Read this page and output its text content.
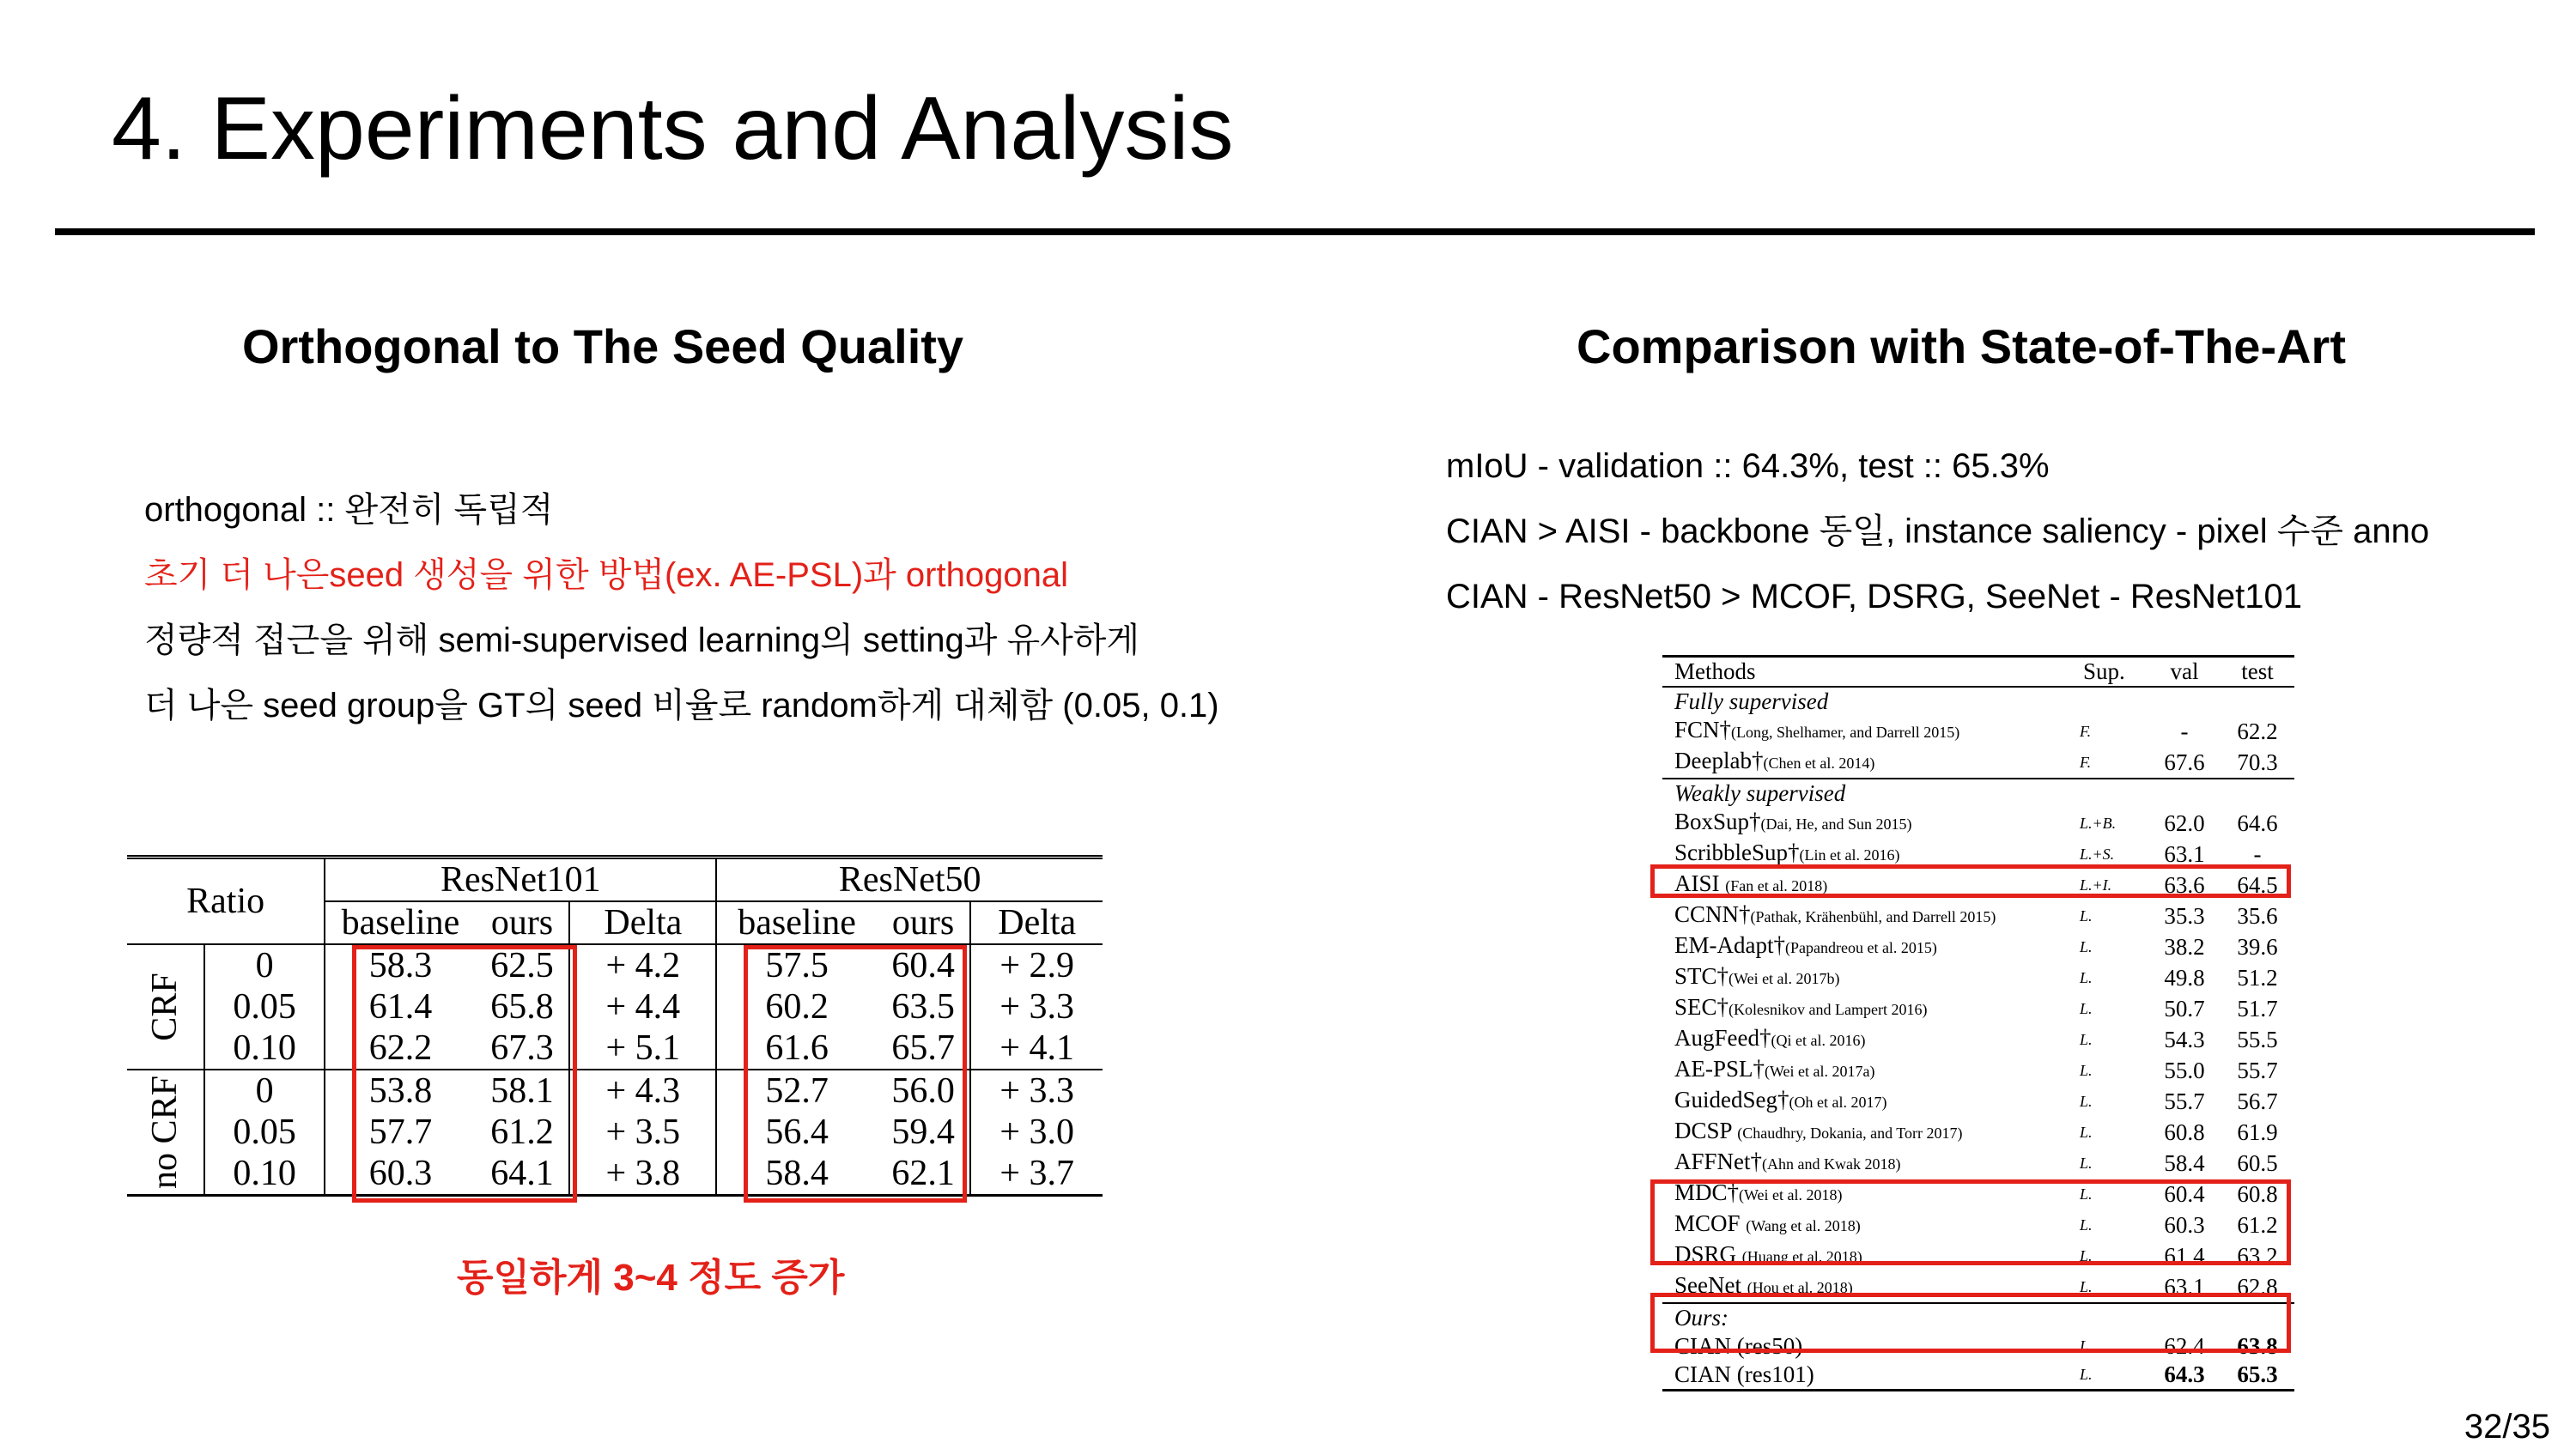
4. Experiments and Analysis
Orthogonal to The Seed Quality	Comparison with State-of-The-Art
orthogonal :: 완전히 독립적
초기 더 나은seed 생성을 위한 방법(ex. AE-PSL)과 orthogonal
정량적 접근을 위해 semi-supervised learning의 setting과 유사하게
더 나은 seed group을 GT의 seed 비율로 random하게 대체함 (0.05, 0.1)
mIoU - validation :: 64.3%, test :: 65.3%
CIAN > AISI - backbone 동일, instance saliency - pixel 수준 anno
CIAN - ResNet50 > MCOF, DSRG, SeeNet - ResNet101
Ratio		ResNet101			ResNet50		
		baseline	ours	Delta	baseline	ours	Delta

CRF	0	58.3	62.5	+ 4.2	57.5	60.4	+ 2.9
	0.05	61.4	65.8	+ 4.4	60.2	63.5	+ 3.3
	0.10	62.2	67.3	+ 5.1	61.6	65.7	+ 4.1

no CRF	0	53.8	58.1	+ 4.3	52.7	56.0	+ 3.3
	0.05	57.7	61.2	+ 3.5	56.4	59.4	+ 3.0
	0.10	60.3	64.1	+ 3.8	58.4	62.1	+ 3.7
동일하게 3~4 정도 증가
Methods	Sup.	val	test
Fully supervised			
FCN†(Long, Shelhamer, and Darrell 2015)	F.	-	62.2
Deeplab†(Chen et al. 2014)	F.	67.6	70.3
Weakly supervised			
BoxSup†(Dai, He, and Sun 2015)	L.+B.	62.0	64.6
ScribbleSup†(Lin et al. 2016)	L.+S.	63.1	-
AISI (Fan et al. 2018)	L.+I.	63.6	64.5
CCNN†(Pathak, Krähenbühl, and Darrell 2015)	L.	35.3	35.6
EM-Adapt†(Papandreou et al. 2015)	L.	38.2	39.6
STC†(Wei et al. 2017b)	L.	49.8	51.2
SEC†(Kolesnikov and Lampert 2016)	L.	50.7	51.7
AugFeed†(Qi et al. 2016)	L.	54.3	55.5
AE-PSL†(Wei et al. 2017a)	L.	55.0	55.7
GuidedSeg†(Oh et al. 2017)	L.	55.7	56.7
DCSP (Chaudhry, Dokania, and Torr 2017)	L.	60.8	61.9
AFFNet†(Ahn and Kwak 2018)	L.	58.4	60.5
MDC†(Wei et al. 2018)	L.	60.4	60.8
MCOF (Wang et al. 2018)	L.	60.3	61.2
DSRG (Huang et al. 2018)	L.	61.4	63.2
SeeNet (Hou et al. 2018)	L.	63.1	62.8
Ours:			
CIAN (res50)	L.	62.4	63.8
CIAN (res101)	L.	64.3	65.3
32/35
